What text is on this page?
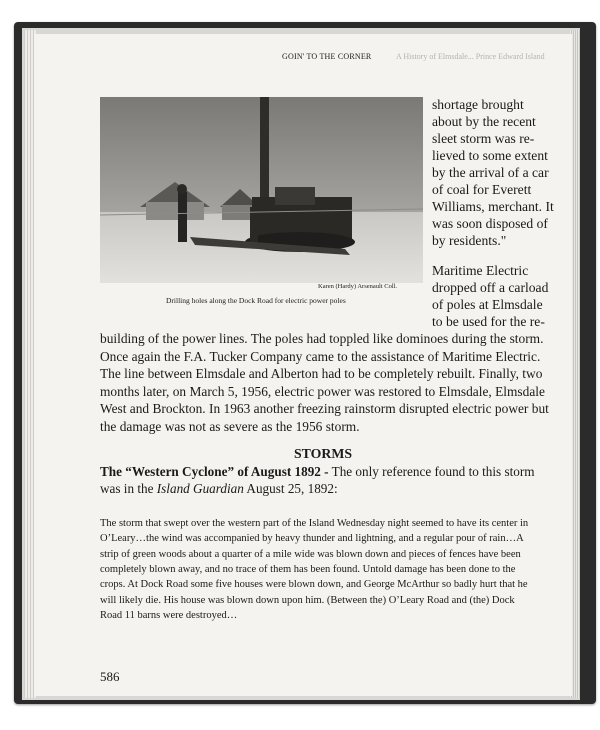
GOIN' TO THE CORNER	A History of Elmsdale... Prince Edward Island
Karen (Hardy) Arsenault Coll.
Drilling holes along the Dock Road for electric power poles
shortage brought
about by the recent
sleet storm was re-
lieved to some extent
by the arrival of a car
of coal for Everett
Williams, merchant. It
was soon disposed of
by residents."
Maritime Electric
dropped off a carload
of poles at Elmsdale
to be used for the re-
building of the power lines. The poles had toppled like dominoes during the storm.
Once again the F.A. Tucker Company came to the assistance of Maritime Electric.
The line between Elmsdale and Alberton had to be completely rebuilt. Finally, two
months later, on March 5, 1956, electric power was restored to Elmsdale, Elmsdale
West and Brockton. In 1963 another freezing rainstorm disrupted electric power but
the damage was not as severe as the 1956 storm.
STORMS
The “Western Cyclone” of August 1892 - The only reference found to this storm
was in the Island Guardian August 25, 1892:
The storm that swept over the western part of the Island Wednesday night seemed to have its center in
O’Leary…the wind was accompanied by heavy thunder and lightning, and a regular pour of rain…A
strip of green woods about a quarter of a mile wide was blown down and pieces of fences have been
completely blown away, and no trace of them has been found. Untold damage has been done to the
crops. At Dock Road some five houses were blown down, and George McArthur so badly hurt that he
will likely die. His house was blown down upon him. (Between the) O’Leary Road and (the) Dock
Road 11 barns were destroyed…
586
